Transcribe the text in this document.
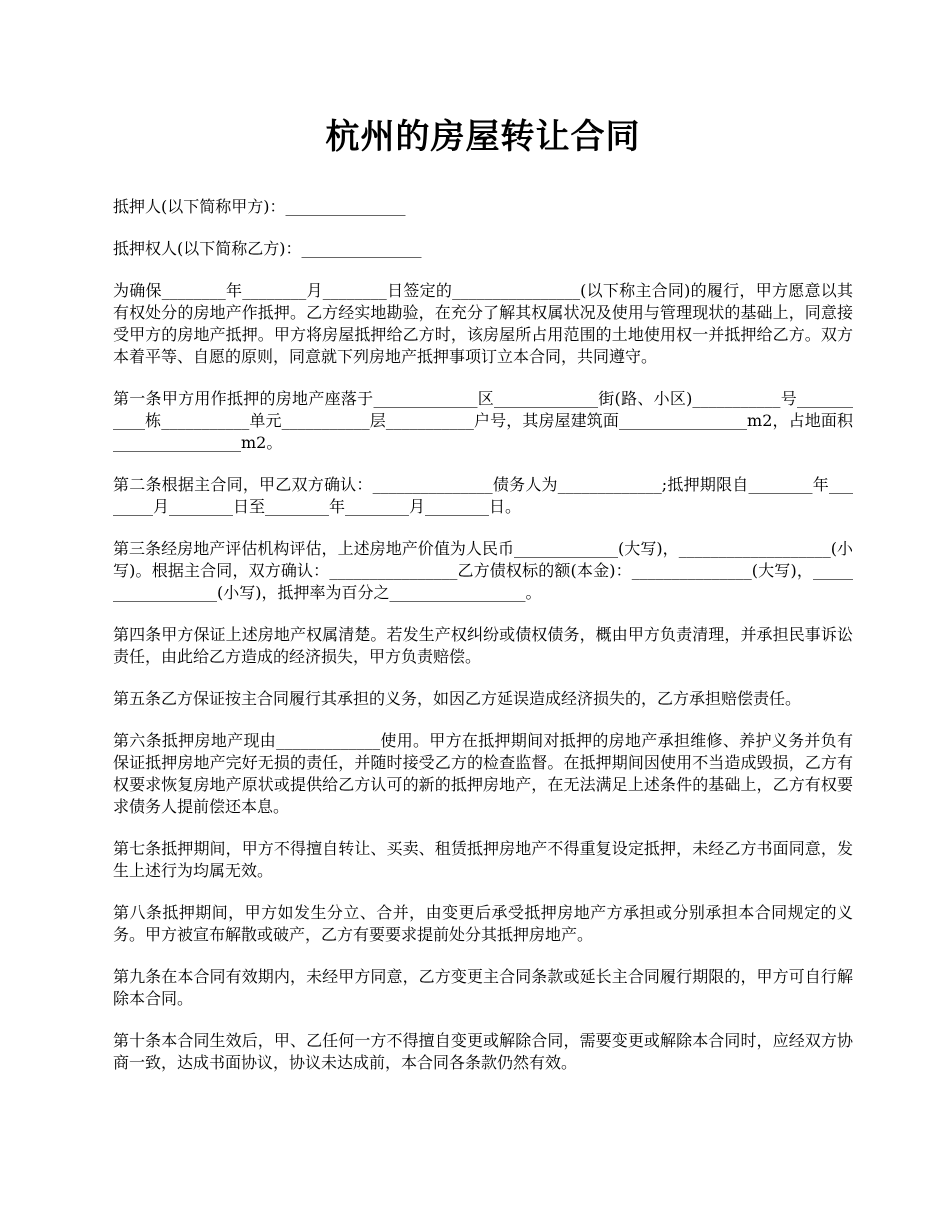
杭州的房屋转让合同

抵押人(以下简称甲方)：_______________

抵押权人(以下简称乙方)：_______________

为确保________年________月________日签定的________________(以下称主合同)的履行，甲方愿意以其有权处分的房地产作抵押。乙方经实地勘验，在充分了解其权属状况及使用与管理现状的基础上，同意接受甲方的房地产抵押。甲方将房屋抵押给乙方时，该房屋所占用范围的土地使用权一并抵押给乙方。双方本着平等、自愿的原则，同意就下列房地产抵押事项订立本合同，共同遵守。

第一条甲方用作抵押的房地产座落于_____________区_____________街(路、小区)___________号___________栋___________单元___________层___________户号，其房屋建筑面________________m2，占地面积________________m2。

第二条根据主合同，甲乙双方确认：_______________债务人为_____________;抵押期限自________年________月________日至________年________月________日。

第三条经房地产评估机构评估，上述房地产价值为人民币_____________(大写)，___________________(小写)。根据主合同，双方确认：________________乙方债权标的额(本金)：_______________(大写)，__________________(小写)，抵押率为百分之_________________。

第四条甲方保证上述房地产权属清楚。若发生产权纠纷或债权债务，概由甲方负责清理，并承担民事诉讼责任，由此给乙方造成的经济损失，甲方负责赔偿。

第五条乙方保证按主合同履行其承担的义务，如因乙方延误造成经济损失的，乙方承担赔偿责任。

第六条抵押房地产现由_____________使用。甲方在抵押期间对抵押的房地产承担维修、养护义务并负有保证抵押房地产完好无损的责任，并随时接受乙方的检查监督。在抵押期间因使用不当造成毁损，乙方有权要求恢复房地产原状或提供给乙方认可的新的抵押房地产，在无法满足上述条件的基础上，乙方有权要求债务人提前偿还本息。

第七条抵押期间，甲方不得擅自转让、买卖、租赁抵押房地产不得重复设定抵押，未经乙方书面同意，发生上述行为均属无效。

第八条抵押期间，甲方如发生分立、合并，由变更后承受抵押房地产方承担或分别承担本合同规定的义务。甲方被宣布解散或破产，乙方有要要求提前处分其抵押房地产。

第九条在本合同有效期内，未经甲方同意，乙方变更主合同条款或延长主合同履行期限的，甲方可自行解除本合同。

第十条本合同生效后，甲、乙任何一方不得擅自变更或解除合同，需要变更或解除本合同时，应经双方协商一致，达成书面协议，协议未达成前，本合同各条款仍然有效。
